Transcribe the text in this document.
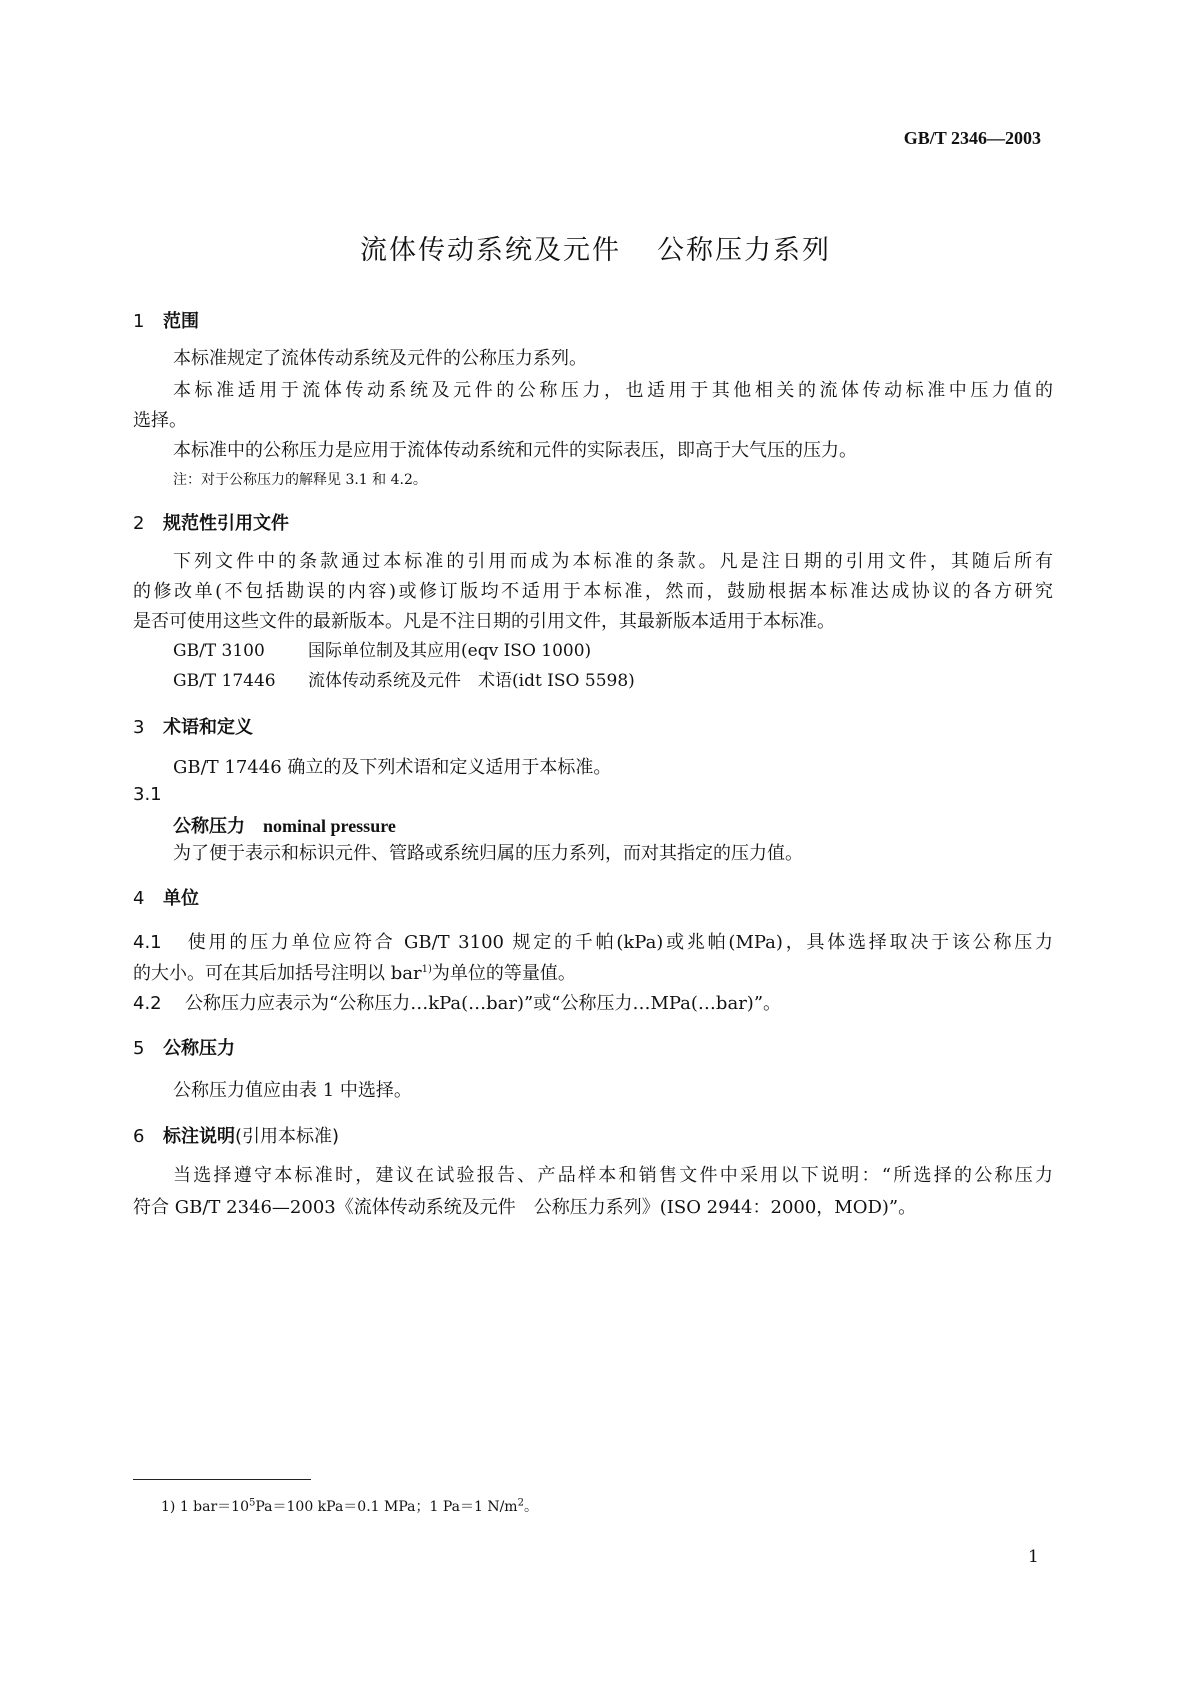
GB/T 2346—2003
流体传动系统及元件 公称压力系列
1 范围
本标准规定了流体传动系统及元件的公称压力系列。
本标准适用于流体传动系统及元件的公称压力，也适用于其他相关的流体传动标准中压力值的
选择。
本标准中的公称压力是应用于流体传动系统和元件的实际表压，即高于大气压的压力。
注：对于公称压力的解释见 3.1 和 4.2。
2 规范性引用文件
下列文件中的条款通过本标准的引用而成为本标准的条款。凡是注日期的引用文件，其随后所有
的修改单(不包括勘误的内容)或修订版均不适用于本标准，然而，鼓励根据本标准达成协议的各方研究
是否可使用这些文件的最新版本。凡是不注日期的引用文件，其最新版本适用于本标准。
GB/T 3100	国际单位制及其应用(eqv ISO 1000)
GB/T 17446 流体传动系统及元件　术语(idt ISO 5598)
3 术语和定义
GB/T 17446 确立的及下列术语和定义适用于本标准。
3.1
公称压力 nominal pressure
为了便于表示和标识元件、管路或系统归属的压力系列，而对其指定的压力值。
4 单位
4.1 使用的压力单位应符合 GB/T 3100 规定的千帕(kPa)或兆帕(MPa)，具体选择取决于该公称压力
的大小。可在其后加括号注明以 bar$^{1)}$为单位的等量值。
4.2 公称压力应表示为“公称压力…kPa(…bar)”或“公称压力…MPa(…bar)”。
5 公称压力
公称压力值应由表 1 中选择。
6 标注说明(引用本标准)
当选择遵守本标准时，建议在试验报告、产品样本和销售文件中采用以下说明：“所选择的公称压力
符合 GB/T 2346—2003《流体传动系统及元件　公称压力系列》(ISO 2944：2000，MOD)”。
1) 1 $bar=10^5Pa=100$ kPa＝0.1 MPa；1 Pa＝1 $N/m^2$。
1
